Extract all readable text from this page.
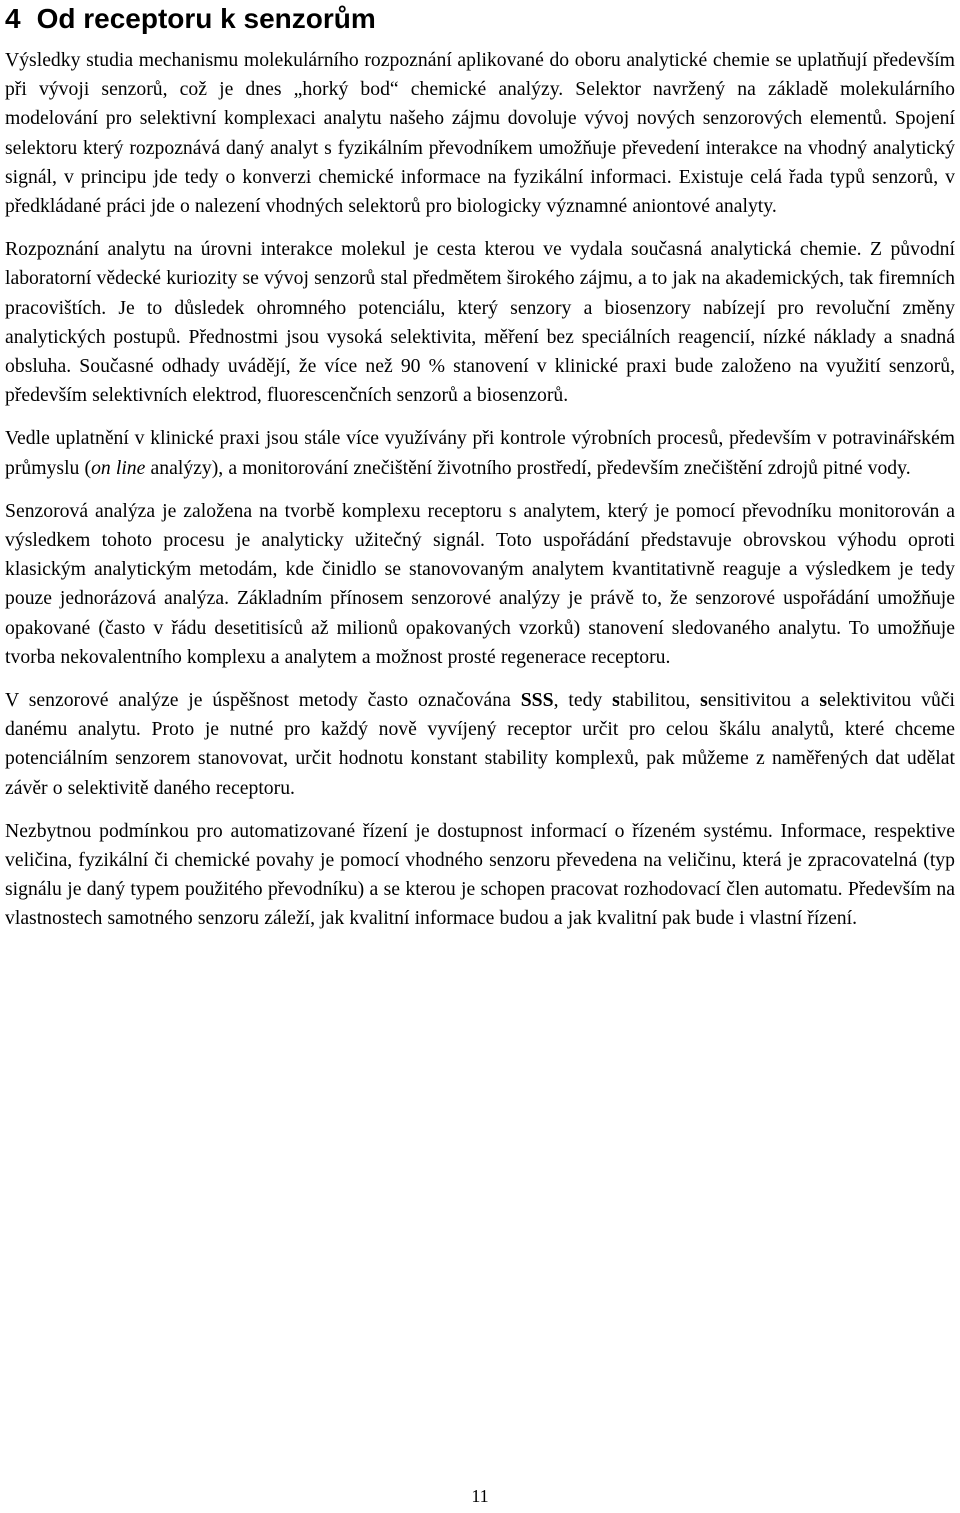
4 Od receptoru k senzorům

Výsledky studia mechanismu molekulárního rozpoznání aplikované do oboru analytické chemie se uplatňují především při vývoji senzorů, což je dnes „horký bod“ chemické analýzy. Selektor navržený na základě molekulárního modelování pro selektivní komplexaci analytu našeho zájmu dovoluje vývoj nových senzorových elementů. Spojení selektoru který rozpoznává daný analyt s fyzikálním převodníkem umožňuje převedení interakce na vhodný analytický signál, v principu jde tedy o konverzi chemické informace na fyzikální informaci. Existuje celá řada typů senzorů, v předkládané práci jde o nalezení vhodných selektorů pro biologicky významné aniontové analyty.

Rozpoznání analytu na úrovni interakce molekul je cesta kterou ve vydala současná analytická chemie. Z původní laboratorní vědecké kuriozity se vývoj senzorů stal předmětem širokého zájmu, a to jak na akademických, tak firemních pracovištích. Je to důsledek ohromného potenciálu, který senzory a biosenzory nabízejí pro revoluční změny analytických postupů. Přednostmi jsou vysoká selektivita, měření bez speciálních reagencií, nízké náklady a snadná obsluha. Současné odhady uvádějí, že více než 90 % stanovení v klinické praxi bude založeno na využití senzorů, především selektivních elektrod, fluorescenčních senzorů a biosenzorů.

Vedle uplatnění v klinické praxi jsou stále více využívány při kontrole výrobních procesů, především v potravinářském průmyslu (on line analýzy), a monitorování znečištění životního prostředí, především znečištění zdrojů pitné vody.

Senzorová analýza je založena na tvorbě komplexu receptoru s analytem, který je pomocí převodníku monitorován a výsledkem tohoto procesu je analyticky užitečný signál. Toto uspořádání představuje obrovskou výhodu oproti klasickým analytickým metodám, kde činidlo se stanovovaným analytem kvantitativně reaguje a výsledkem je tedy pouze jednorázová analýza. Základním přínosem senzorové analýzy je právě to, že senzorové uspořádání umožňuje opakované (často v řádu desetitisíců až milionů opakovaných vzorků) stanovení sledovaného analytu. To umožňuje tvorba nekovalentního komplexu a analytem a možnost prosté regenerace receptoru.

V senzorové analýze je úspěšnost metody často označována SSS, tedy stabilitou, sensitivitou a selektivitou vůči danému analytu. Proto je nutné pro každý nově vyvíjený receptor určit pro celou škálu analytů, které chceme potenciálním senzorem stanovovat, určit hodnotu konstant stability komplexů, pak můžeme z naměřených dat udělat závěr o selektivitě daného receptoru.

Nezbytnou podmínkou pro automatizované řízení je dostupnost informací o řízeném systému. Informace, respektive veličina, fyzikální či chemické povahy je pomocí vhodného senzoru převedena na veličinu, která je zpracovatelná (typ signálu je daný typem použitého převodníku) a se kterou je schopen pracovat rozhodovací člen automatu. Především na vlastnostech samotného senzoru záleží, jak kvalitní informace budou a jak kvalitní pak bude i vlastní řízení.

11
